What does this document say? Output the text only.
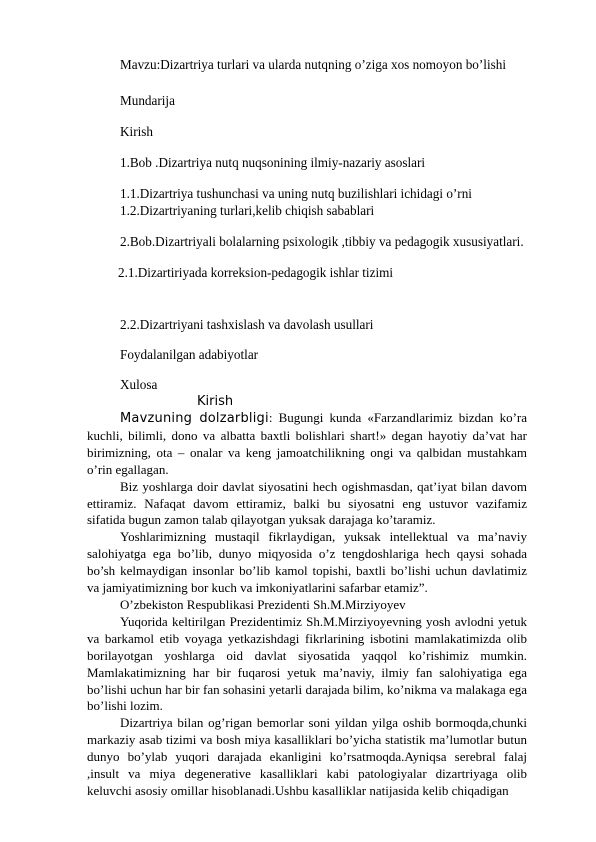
Mavzu:Dizartriya turlari va ularda nutqning o’ziga xos nomoyon bo’lishi
Mundarija
Kirish
1.Bob .Dizartriya nutq nuqsonining ilmiy-nazariy asoslari
1.1.Dizartriya tushunchasi va uning nutq buzilishlari ichidagi o’rni
1.2.Dizartriyaning turlari,kelib chiqish sabablari
2.Bob.Dizartriyali bolalarning psixologik ,tibbiy va pedagogik xususiyatlari.
2.1.Dizartiriyada korreksion-pedagogik ishlar tizimi
2.2.Dizartriyani tashxislash va davolash usullari
Foydalanilgan adabiyotlar
Xulosa
Kirish

Mavzuning dolzarbligi: Bugungi kunda «Farzandlarimiz bizdan ko’ra kuchli, bilimli, dono va albatta baxtli bolishlari shart!» degan hayotiy da’vat har birimizning, ota – onalar va keng jamoatchilikning ongi va qalbidan mustahkam o’rin egallagan.

Biz yoshlarga doir davlat siyosatini hech ogishmasdan, qat’iyat bilan davom ettiramiz. Nafaqat davom ettiramiz, balki bu siyosatni eng ustuvor vazifamiz sifatida bugun zamon talab qilayotgan yuksak darajaga ko’taramiz.

Yoshlarimizning mustaqil fikrlaydigan, yuksak intellektual va ma’naviy salohiyatga ega bo’lib, dunyo miqyosida o’z tengdoshlariga hech qaysi sohada bo’sh kelmaydigan insonlar bo’lib kamol topishi, baxtli bo’lishi uchun davlatimiz va jamiyatimizning bor kuch va imkoniyatlarini safarbar etamiz”.

O’zbekiston Respublikasi Prezidenti Sh.M.Mirziyoyev

Yuqorida keltirilgan Prezidentimiz Sh.M.Mirziyoyevning yosh avlodni yetuk va barkamol etib voyaga yetkazishdagi fikrlarining isbotini mamlakatimizda olib borilayotgan yoshlarga oid davlat siyosatida yaqqol ko’rishimiz mumkin. Mamlakatimizning har bir fuqarosi yetuk ma’naviy, ilmiy fan salohiyatiga ega bo’lishi uchun har bir fan sohasini yetarli darajada bilim, ko’nikma va malakaga ega bo’lishi lozim.

Dizartriya bilan og’rigan bemorlar soni yildan yilga oshib bormoqda,chunki markaziy asab tizimi va bosh miya kasalliklari bo’yicha statistik ma’lumotlar butun dunyo bo’ylab yuqori darajada ekanligini ko’rsatmoqda.Ayniqsa serebral falaj ,insult va miya degenerative kasalliklari kabi patologiyalar dizartriyaga olib keluvchi asosiy omillar hisoblanadi.Ushbu kasalliklar natijasida kelib chiqadigan
